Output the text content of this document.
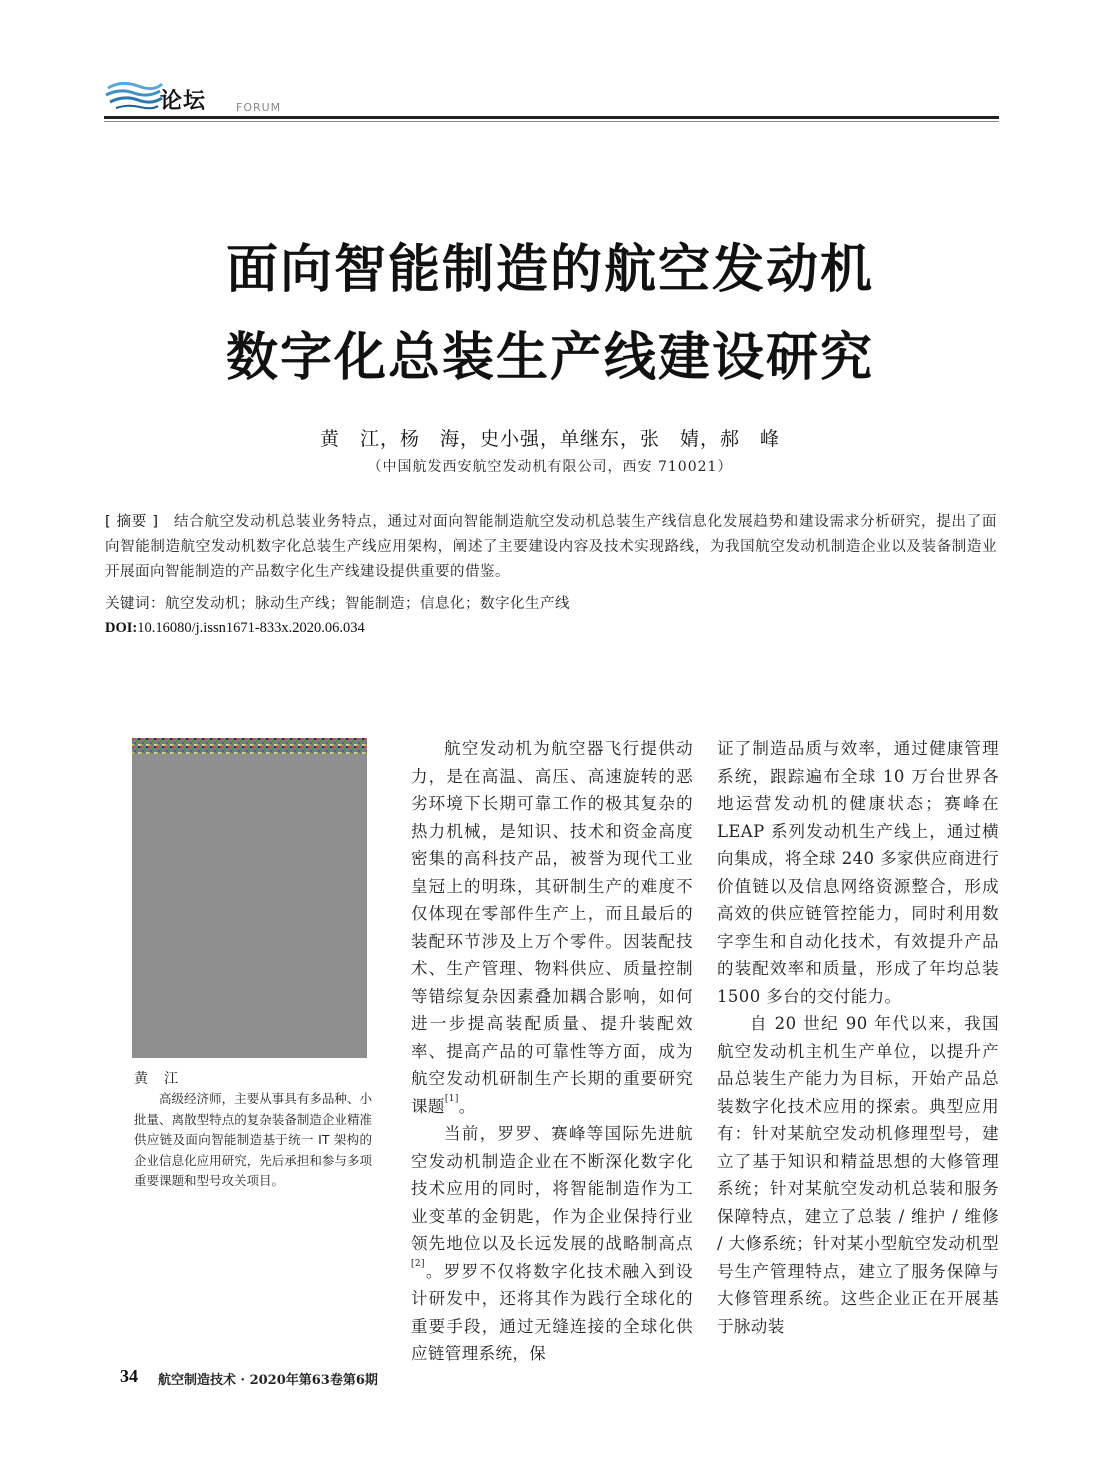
论坛	FORUM
面向智能制造的航空发动机
数字化总装生产线建设研究
黄　江，杨　海，史小强，单继东，张　婧，郝　峰
（中国航发西安航空发动机有限公司，西安 710021）
[ 摘要 ]　 结合航空发动机总装业务特点，通过对面向智能制造航空发动机总装生产线信息化发展趋势和建设需求分析研究，提出了面向智能制造航空发动机数字化总装生产线应用架构，阐述了主要建设内容及技术实现路线，为我国航空发动机制造企业以及装备制造业开展面向智能制造的产品数字化生产线建设提供重要的借鉴。
关键词：航空发动机；脉动生产线；智能制造；信息化；数字化生产线
DOI:10.16080/j.issn1671-833x.2020.06.034
黄　江
高级经济师，主要从事具有多品种、小批量、离散型特点的复杂装备制造企业精准供应链及面向智能制造基于统一 IT 架构的企业信息化应用研究，先后承担和参与多项重要课题和型号攻关项目。

航空发动机为航空器飞行提供动力，是在高温、高压、高速旋转的恶劣环境下长期可靠工作的极其复杂的热力机械，是知识、技术和资金高度密集的高科技产品，被誉为现代工业皇冠上的明珠，其研制生产的难度不仅体现在零部件生产上，而且最后的装配环节涉及上万个零件。因装配技术、生产管理、物料供应、质量控制等错综复杂因素叠加耦合影响，如何进一步提高装配质量、提升装配效率、提高产品的可靠性等方面，成为航空发动机研制生产长期的重要研究课题[1]。

当前，罗罗、赛峰等国际先进航空发动机制造企业在不断深化数字化技术应用的同时，将智能制造作为工业变革的金钥匙，作为企业保持行业领先地位以及长远发展的战略制高点[2]。罗罗不仅将数字化技术融入到设计研发中，还将其作为践行全球化的重要手段，通过无缝连接的全球化供应链管理系统，保

证了制造品质与效率，通过健康管理系统，跟踪遍布全球 10 万台世界各地运营发动机的健康状态；赛峰在 LEAP 系列发动机生产线上，通过横向集成，将全球 240 多家供应商进行价值链以及信息网络资源整合，形成高效的供应链管控能力，同时利用数字孪生和自动化技术，有效提升产品的装配效率和质量，形成了年均总装 1500 多台的交付能力。

自 20 世纪 90 年代以来，我国航空发动机主机生产单位，以提升产品总装生产能力为目标，开始产品总装数字化技术应用的探索。典型应用有：针对某航空发动机修理型号，建立了基于知识和精益思想的大修管理系统；针对某航空发动机总装和服务保障特点，建立了总装 / 维护 / 维修 / 大修系统；针对某小型航空发动机型号生产管理特点，建立了服务保障与大修管理系统。这些企业正在开展基于脉动装

34 航空制造技术 · 2020年第63卷第6期
